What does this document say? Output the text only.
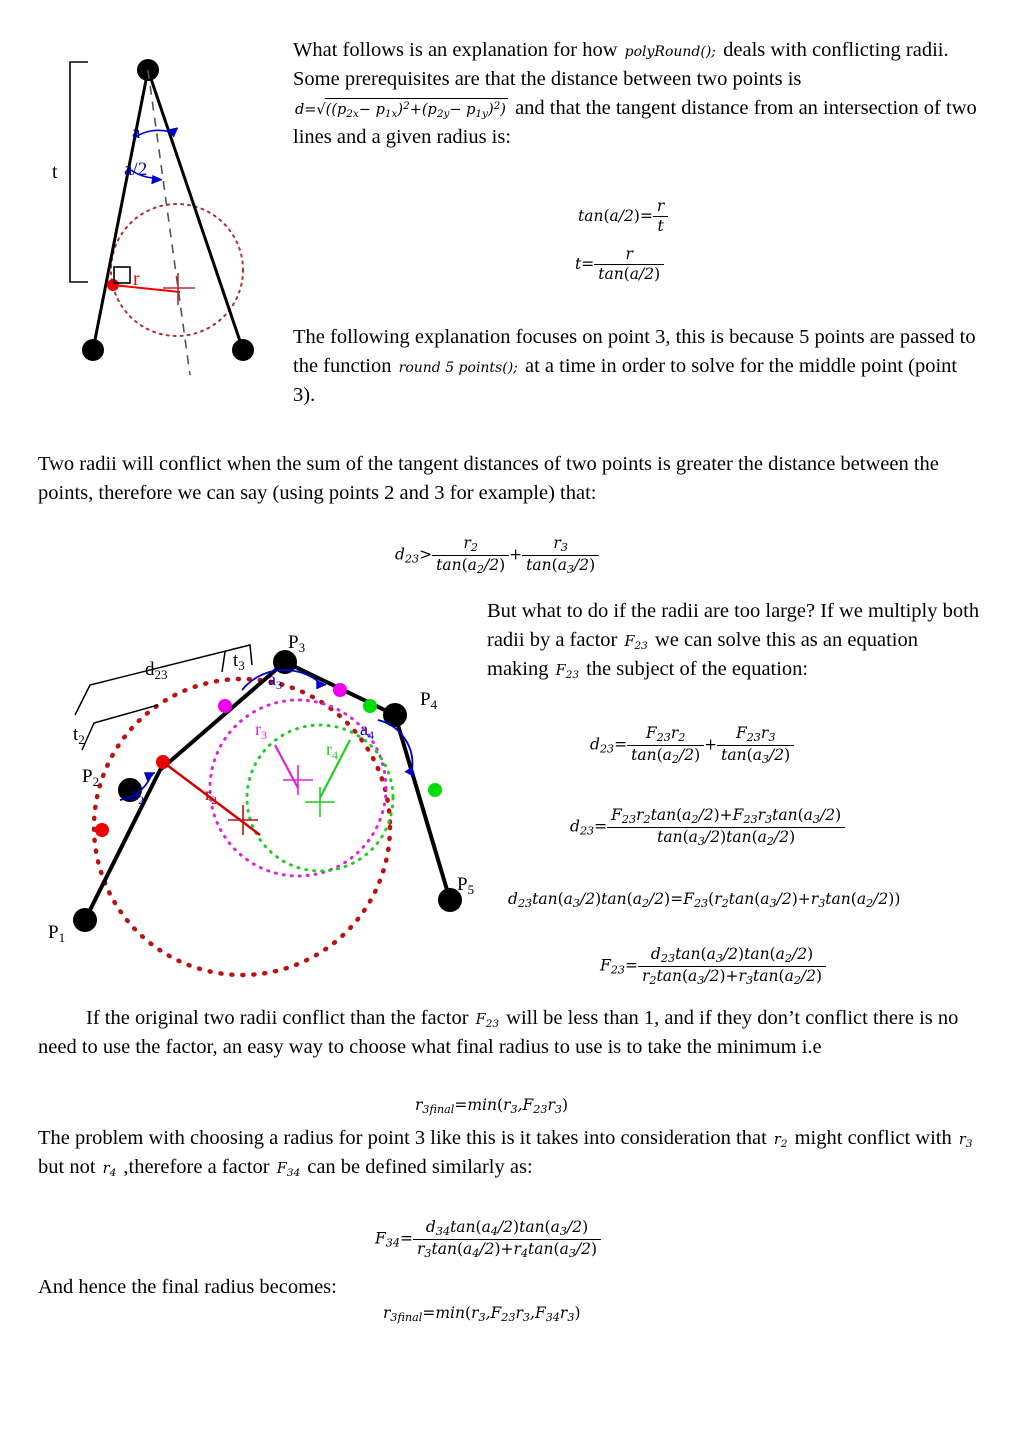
t
r
a
a/2
What follows is an explanation for how polyRound(); deals with conflicting radii. Some prerequisites are that the distance between two points is $d=√((p_{2x}- p_{1x})^2+(p_{2y}- p_{1y})^2)$ and that the tangent distance from an intersection of two lines and a given radius is:
$\tan(a/2)= \frac{r}{t}$
$t= \frac{r}{\tan(a/2)}$
The following explanation focuses on point 3, this is because 5 points are passed to the function round 5 points(); at a time in order to solve for the middle point (point 3).
Two radii will conflict when the sum of the tangent distances of two points is greater the distance between the points, therefore we can say (using points 2 and 3 for example) that:
$d_{23}> \frac{r_2}{\tan(a_2/2)} + \frac{r_3}{\tan(a_3/2)}$
$d_{23}$
$t_2$
$t_3$
$P_1$
$P_2$
$P_3$
$P_4$
$P_5$
$a_2$
$a_3$
$a_4$
$r_2$
$r_3$
$r_4$
But what to do if the radii are too large? If we multiply both radii by a factor $F_{23}$ we can solve this as an equation making $F_{23}$ the subject of the equation:
$d_{23}= \frac{F_{23}r_2}{\tan(a_2/2)} + \frac{F_{23}r_3}{\tan(a_3/2)}$
$d_{23}= \frac{F_{23}r_2\tan(a_2/2)+F_{23}r_3\tan(a_3/2)}{\tan(a_3/2)\tan(a_2/2)}$
$d_{23}\tan(a_3/2)\tan(a_2/2)=F_{23}(r_2\tan(a_3/2)+r_3\tan(a_2/2))$
$F_{23}= \frac{d_{23}\tan(a_3/2)\tan(a_2/2)}{r_2\tan(a_3/2)+r_3\tan(a_2/2)}$
If the original two radii conflict than the factor $F_{23}$ will be less than 1, and if they don’t conflict there is no need to use the factor, an easy way to choose what final radius to use is to take the minimum i.e
$r_{3final}=\min(r_3,F_{23}r_3)$
The problem with choosing a radius for point 3 like this is it takes into consideration that $r_2$ might conflict with $r_3$ but not $r_4$ ,therefore a factor $F_{34}$ can be defined similarly as:
$F_{34}= \frac{d_{34}\tan(a_4/2)\tan(a_3/2)}{r_3\tan(a_4/2)+r_4\tan(a_3/2)}$
And hence the final radius becomes:
$r_{3final}=\min(r_3,F_{23}r_3,F_{34}r_3)$
